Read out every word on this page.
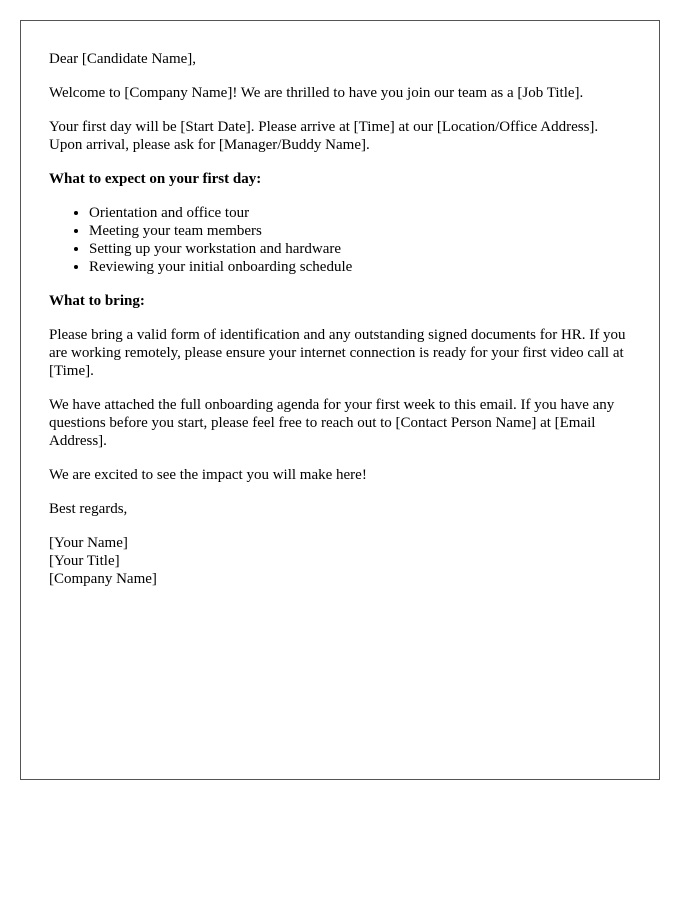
Dear [Candidate Name],

Welcome to [Company Name]! We are thrilled to have you join our team as a [Job Title].

Your first day will be [Start Date]. Please arrive at [Time] at our [Location/Office Address]. Upon arrival, please ask for [Manager/Buddy Name].

What to expect on your first day:
• Orientation and office tour
• Meeting your team members
• Setting up your workstation and hardware
• Reviewing your initial onboarding schedule
What to bring:

Please bring a valid form of identification and any outstanding signed documents for HR. If you are working remotely, please ensure your internet connection is ready for your first video call at [Time].

We have attached the full onboarding agenda for your first week to this email. If you have any questions before you start, please feel free to reach out to [Contact Person Name] at [Email Address].

We are excited to see the impact you will make here!

Best regards,

[Your Name]
[Your Title]
[Company Name]
